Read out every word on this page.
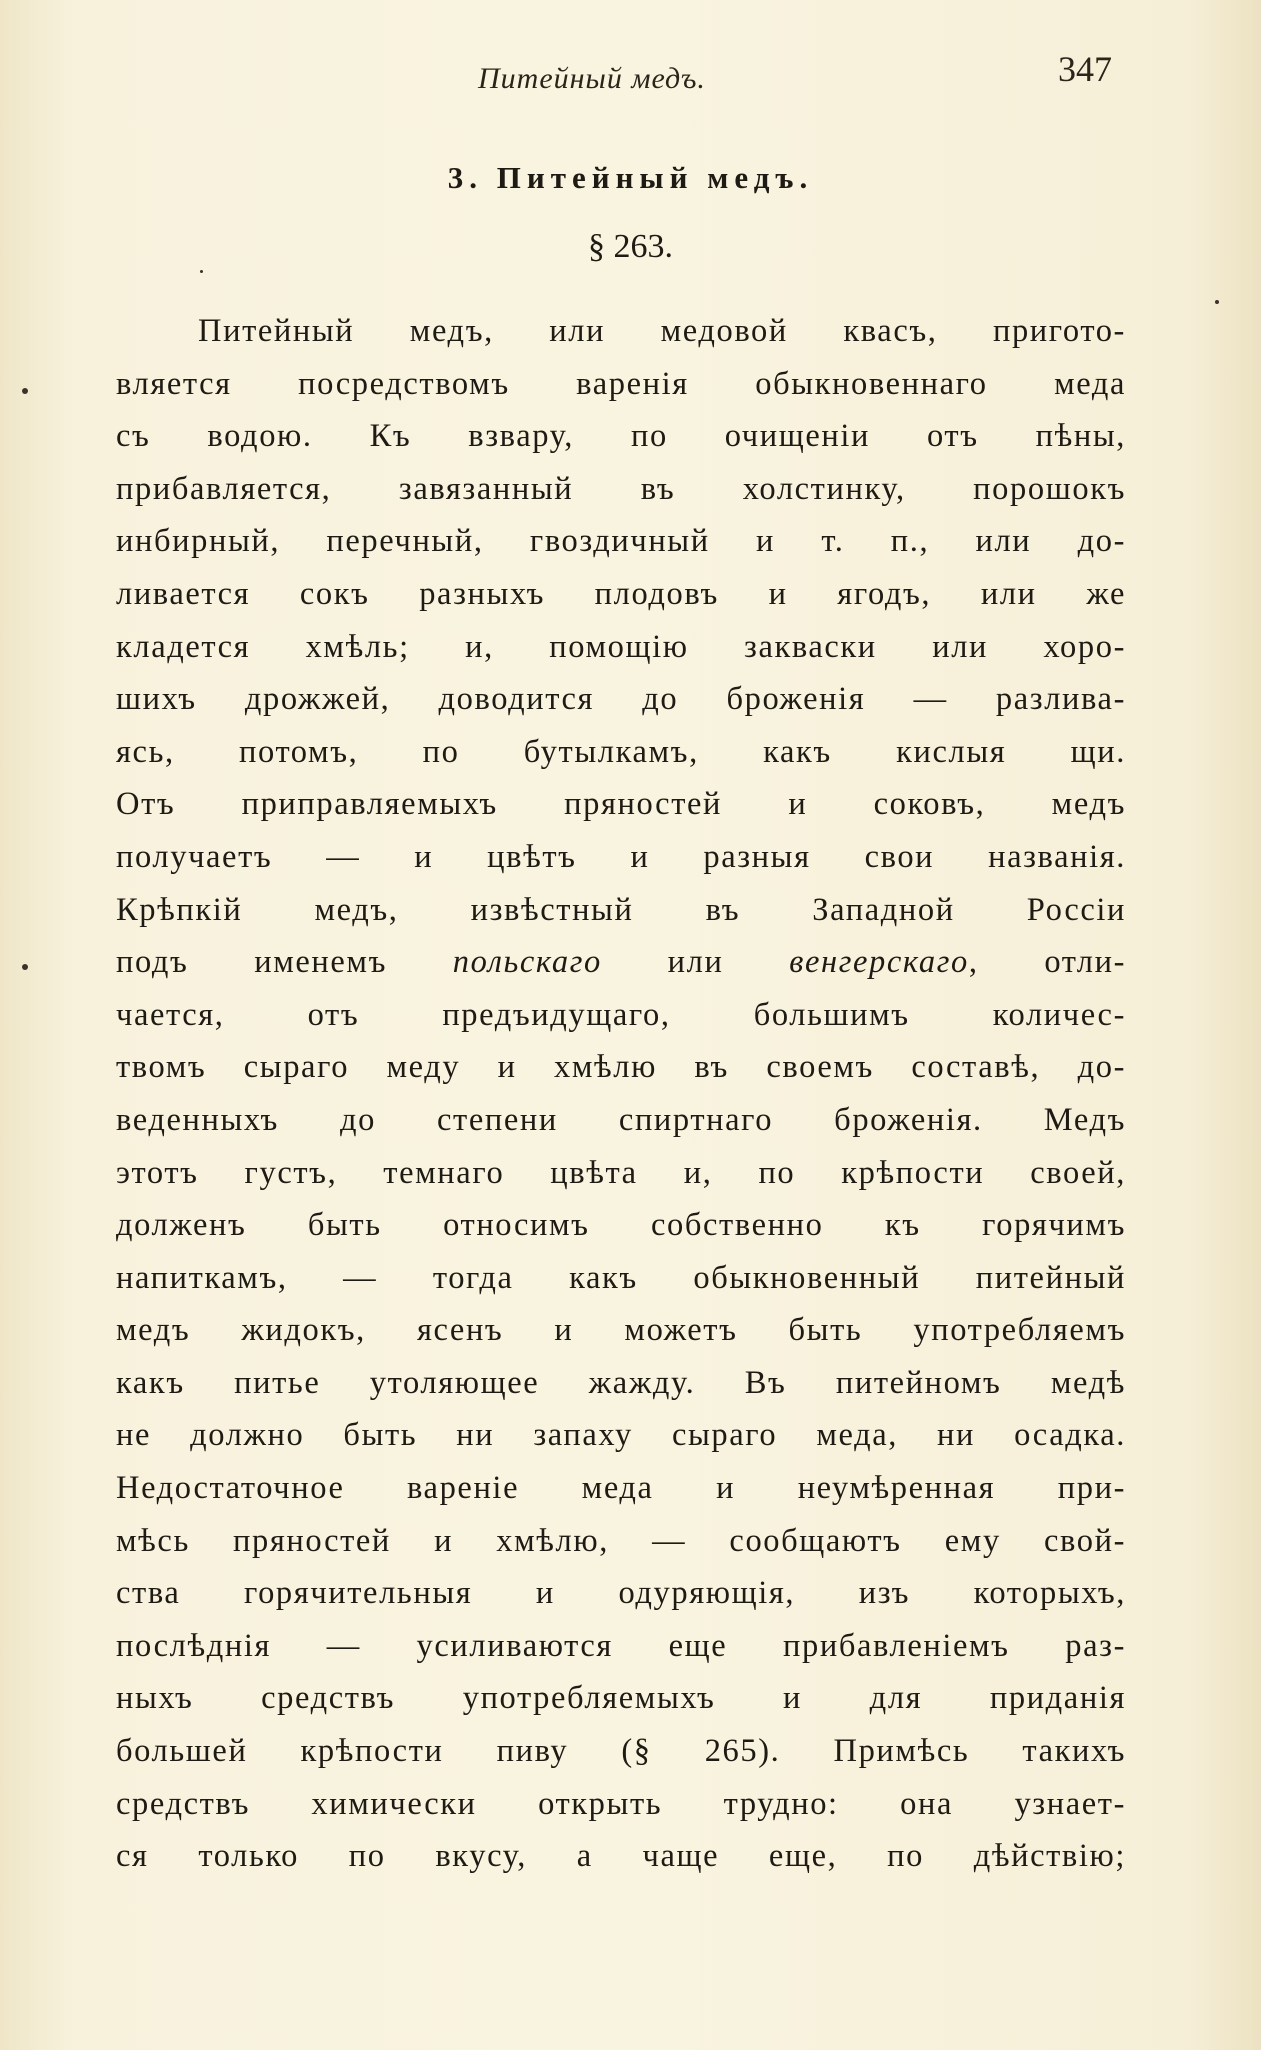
Питейный медъ.	347
3. Питейный медъ.
§ 263.
Питейный медъ, или медовой квасъ, пригото-
вляется посредствомъ варенія обыкновеннаго меда
съ водою. Къ взвару, по очищеніи отъ пѣны,
прибавляется, завязанный въ холстинку, порошокъ
инбирный, перечный, гвоздичный и т. п., или до-
ливается сокъ разныхъ плодовъ и ягодъ, или же
кладется хмѣль; и, помощію закваски или хоро-
шихъ дрожжей, доводится до броженія — разлива-
ясь, потомъ, по бутылкамъ, какъ кислыя щи.
Отъ приправляемыхъ пряностей и соковъ, медъ
получаетъ — и цвѣтъ и разныя свои названія.
Крѣпкій медъ, извѣстный въ Западной Россіи
подъ именемъ польскаго или венгерскаго, отли-
чается, отъ предъидущаго, большимъ количес-
твомъ сыраго меду и хмѣлю въ своемъ составѣ, до-
веденныхъ до степени спиртнаго броженія. Медъ
этотъ густъ, темнаго цвѣта и, по крѣпости своей,
долженъ быть относимъ собственно къ горячимъ
напиткамъ, — тогда какъ обыкновенный питейный
медъ жидокъ, ясенъ и можетъ быть употребляемъ
какъ питье утоляющее жажду. Въ питейномъ медѣ
не должно быть ни запаху сыраго меда, ни осадка.
Недостаточное вареніе меда и неумѣренная при-
мѣсь пряностей и хмѣлю, — сообщаютъ ему свой-
ства горячительныя и одуряющія, изъ которыхъ,
послѣднія — усиливаются еще прибавленіемъ раз-
ныхъ средствъ употребляемыхъ и для приданія
большей крѣпости пиву (§ 265). Примѣсь такихъ
средствъ химически открыть трудно: она узнает-
ся только по вкусу, а чаще еще, по дѣйствію;
